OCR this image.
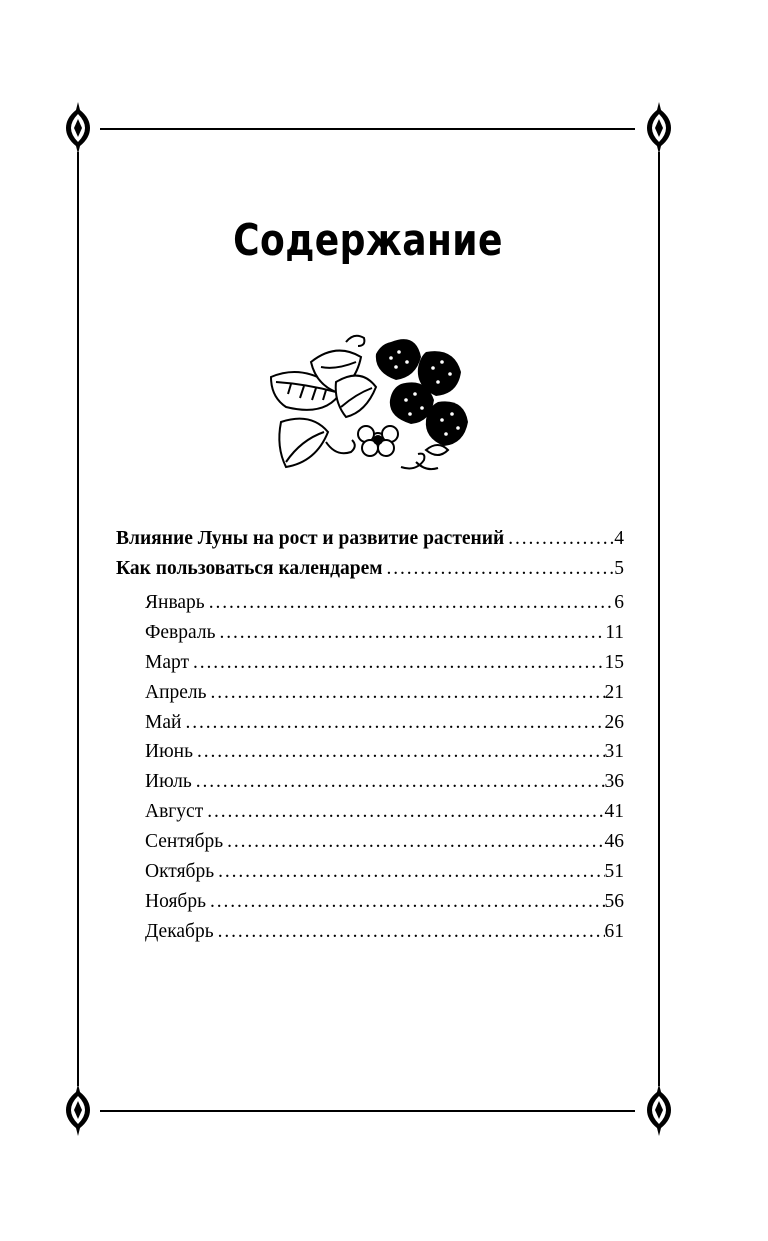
Содержание
Влияние Луны на рост и развитие растений . . .	4
Как пользоваться календарем . . .	5
Январь . . .	6
Февраль . . .	11
Март . . .	15
Апрель . . .	21
Май . . .	26
Июнь . . .	31
Июль . . .	36
Август . . .	41
Сентябрь . . .	46
Октябрь . . .	51
Ноябрь . . .	56
Декабрь . . .	61
